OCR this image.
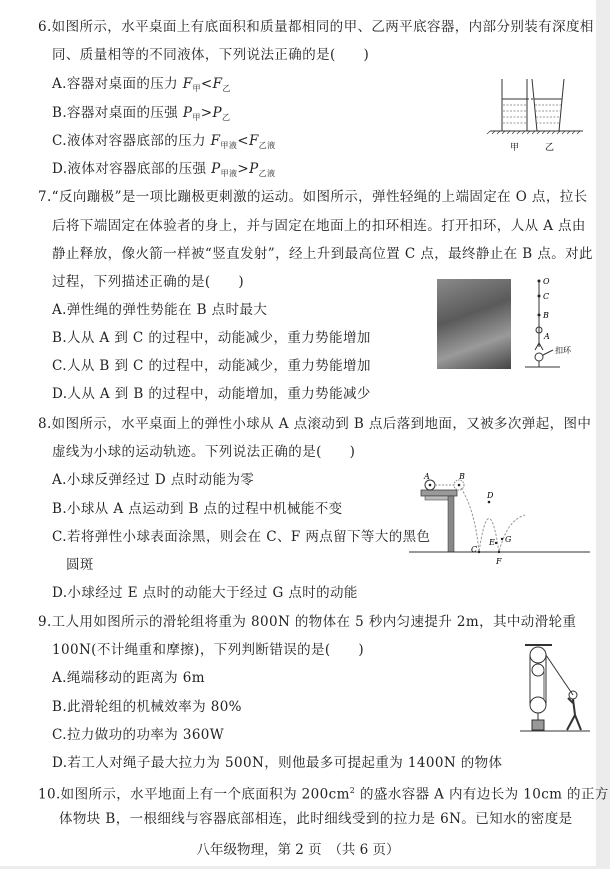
6.如图所示，水平桌面上有底面积和质量都相同的甲、乙两平底容器，内部分别装有深度相
同、质量相等的不同液体，下列说法正确的是(　　)
A.容器对桌面的压力 $F_甲<F_乙$
B.容器对桌面的压强 $P_甲>P_乙$
C.液体对容器底部的压力 $F_{甲液}<F_{乙液}$
D.液体对容器底部的压强 $P_{甲液}>P_{乙液}$
甲	乙
7.“反向蹦极”是一项比蹦极更刺激的运动。如图所示，弹性轻绳的上端固定在 O 点，拉长
后将下端固定在体验者的身上，并与固定在地面上的扣环相连。打开扣环，人从 A 点由
静止释放，像火箭一样被“竖直发射”，经上升到最高位置 C 点，最终静止在 B 点。对此
过程，下列描述正确的是(　　)
A.弹性绳的弹性势能在 B 点时最大
B.人从 A 到 C 的过程中，动能减少，重力势能增加
C.人从 B 到 C 的过程中，动能减少，重力势能增加
D.人从 A 到 B 的过程中，动能增加，重力势能减少
O
C
B
A
扣环
8.如图所示，水平桌面上的弹性小球从 A 点滚动到 B 点后落到地面，又被多次弹起，图中
虚线为小球的运动轨迹。下列说法正确的是(　　)
A.小球反弹经过 D 点时动能为零
B.小球从 A 点运动到 B 点的过程中机械能不变
C.若将弹性小球表面涂黑，则会在 C、F 两点留下等大的黑色
圆斑
D.小球经过 E 点时的动能大于经过 G 点时的动能
A	B
C
D
E
F
G
9.工人用如图所示的滑轮组将重为 800N 的物体在 5 秒内匀速提升 2m，其中动滑轮重
100N(不计绳重和摩擦)，下列判断错误的是(　　)
A.绳端移动的距离为 6m
B.此滑轮组的机械效率为 80%
C.拉力做功的功率为 360W
D.若工人对绳子最大拉力为 500N，则他最多可提起重为 1400N 的物体
10.如图所示，水平地面上有一个底面积为 $200cm^2$ 的盛水容器 A 内有边长为 10cm 的正方
体物块 B，一根细线与容器底部相连，此时细线受到的拉力是 6N。已知水的密度是
八年级物理，第 2 页　（共 6 页）
